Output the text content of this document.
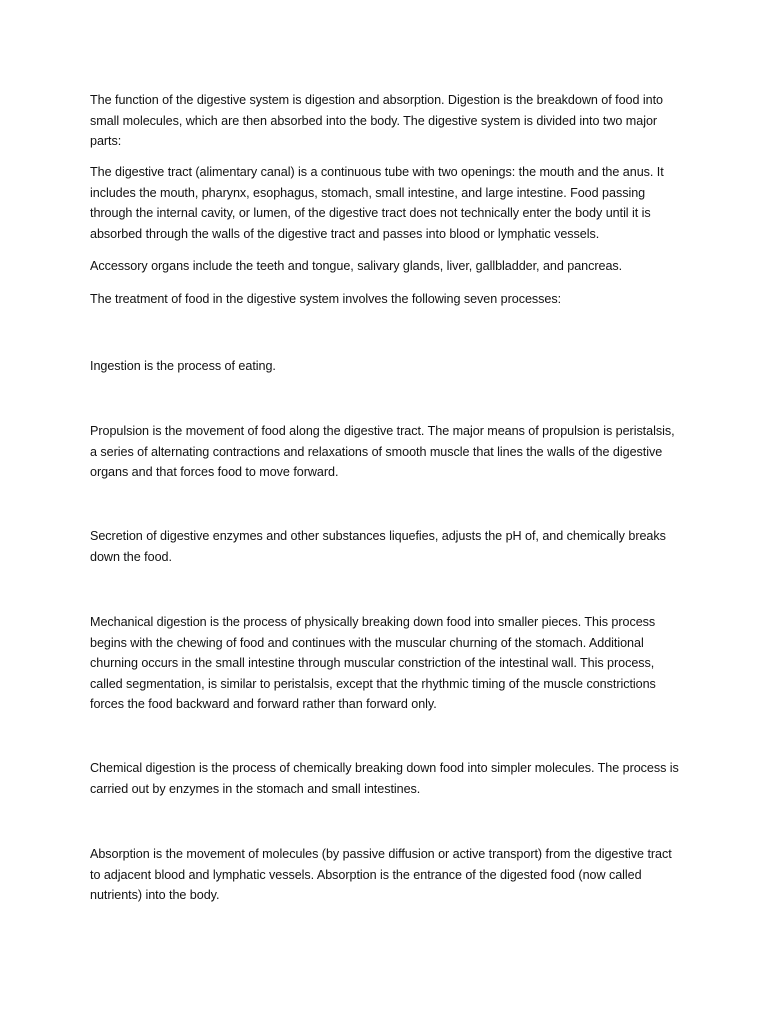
The function of the digestive system is digestion and absorption. Digestion is the breakdown of food into small molecules, which are then absorbed into the body. The digestive system is divided into two major parts:

The digestive tract (alimentary canal) is a continuous tube with two openings: the mouth and the anus. It includes the mouth, pharynx, esophagus, stomach, small intestine, and large intestine. Food passing through the internal cavity, or lumen, of the digestive tract does not technically enter the body until it is absorbed through the walls of the digestive tract and passes into blood or lymphatic vessels.

Accessory organs include the teeth and tongue, salivary glands, liver, gallbladder, and pancreas.

The treatment of food in the digestive system involves the following seven processes:

Ingestion is the process of eating.

Propulsion is the movement of food along the digestive tract. The major means of propulsion is peristalsis, a series of alternating contractions and relaxations of smooth muscle that lines the walls of the digestive organs and that forces food to move forward.

Secretion of digestive enzymes and other substances liquefies, adjusts the pH of, and chemically breaks down the food.

Mechanical digestion is the process of physically breaking down food into smaller pieces. This process begins with the chewing of food and continues with the muscular churning of the stomach. Additional churning occurs in the small intestine through muscular constriction of the intestinal wall. This process, called segmentation, is similar to peristalsis, except that the rhythmic timing of the muscle constrictions forces the food backward and forward rather than forward only.

Chemical digestion is the process of chemically breaking down food into simpler molecules. The process is carried out by enzymes in the stomach and small intestines.

Absorption is the movement of molecules (by passive diffusion or active transport) from the digestive tract to adjacent blood and lymphatic vessels. Absorption is the entrance of the digested food (now called nutrients) into the body.
